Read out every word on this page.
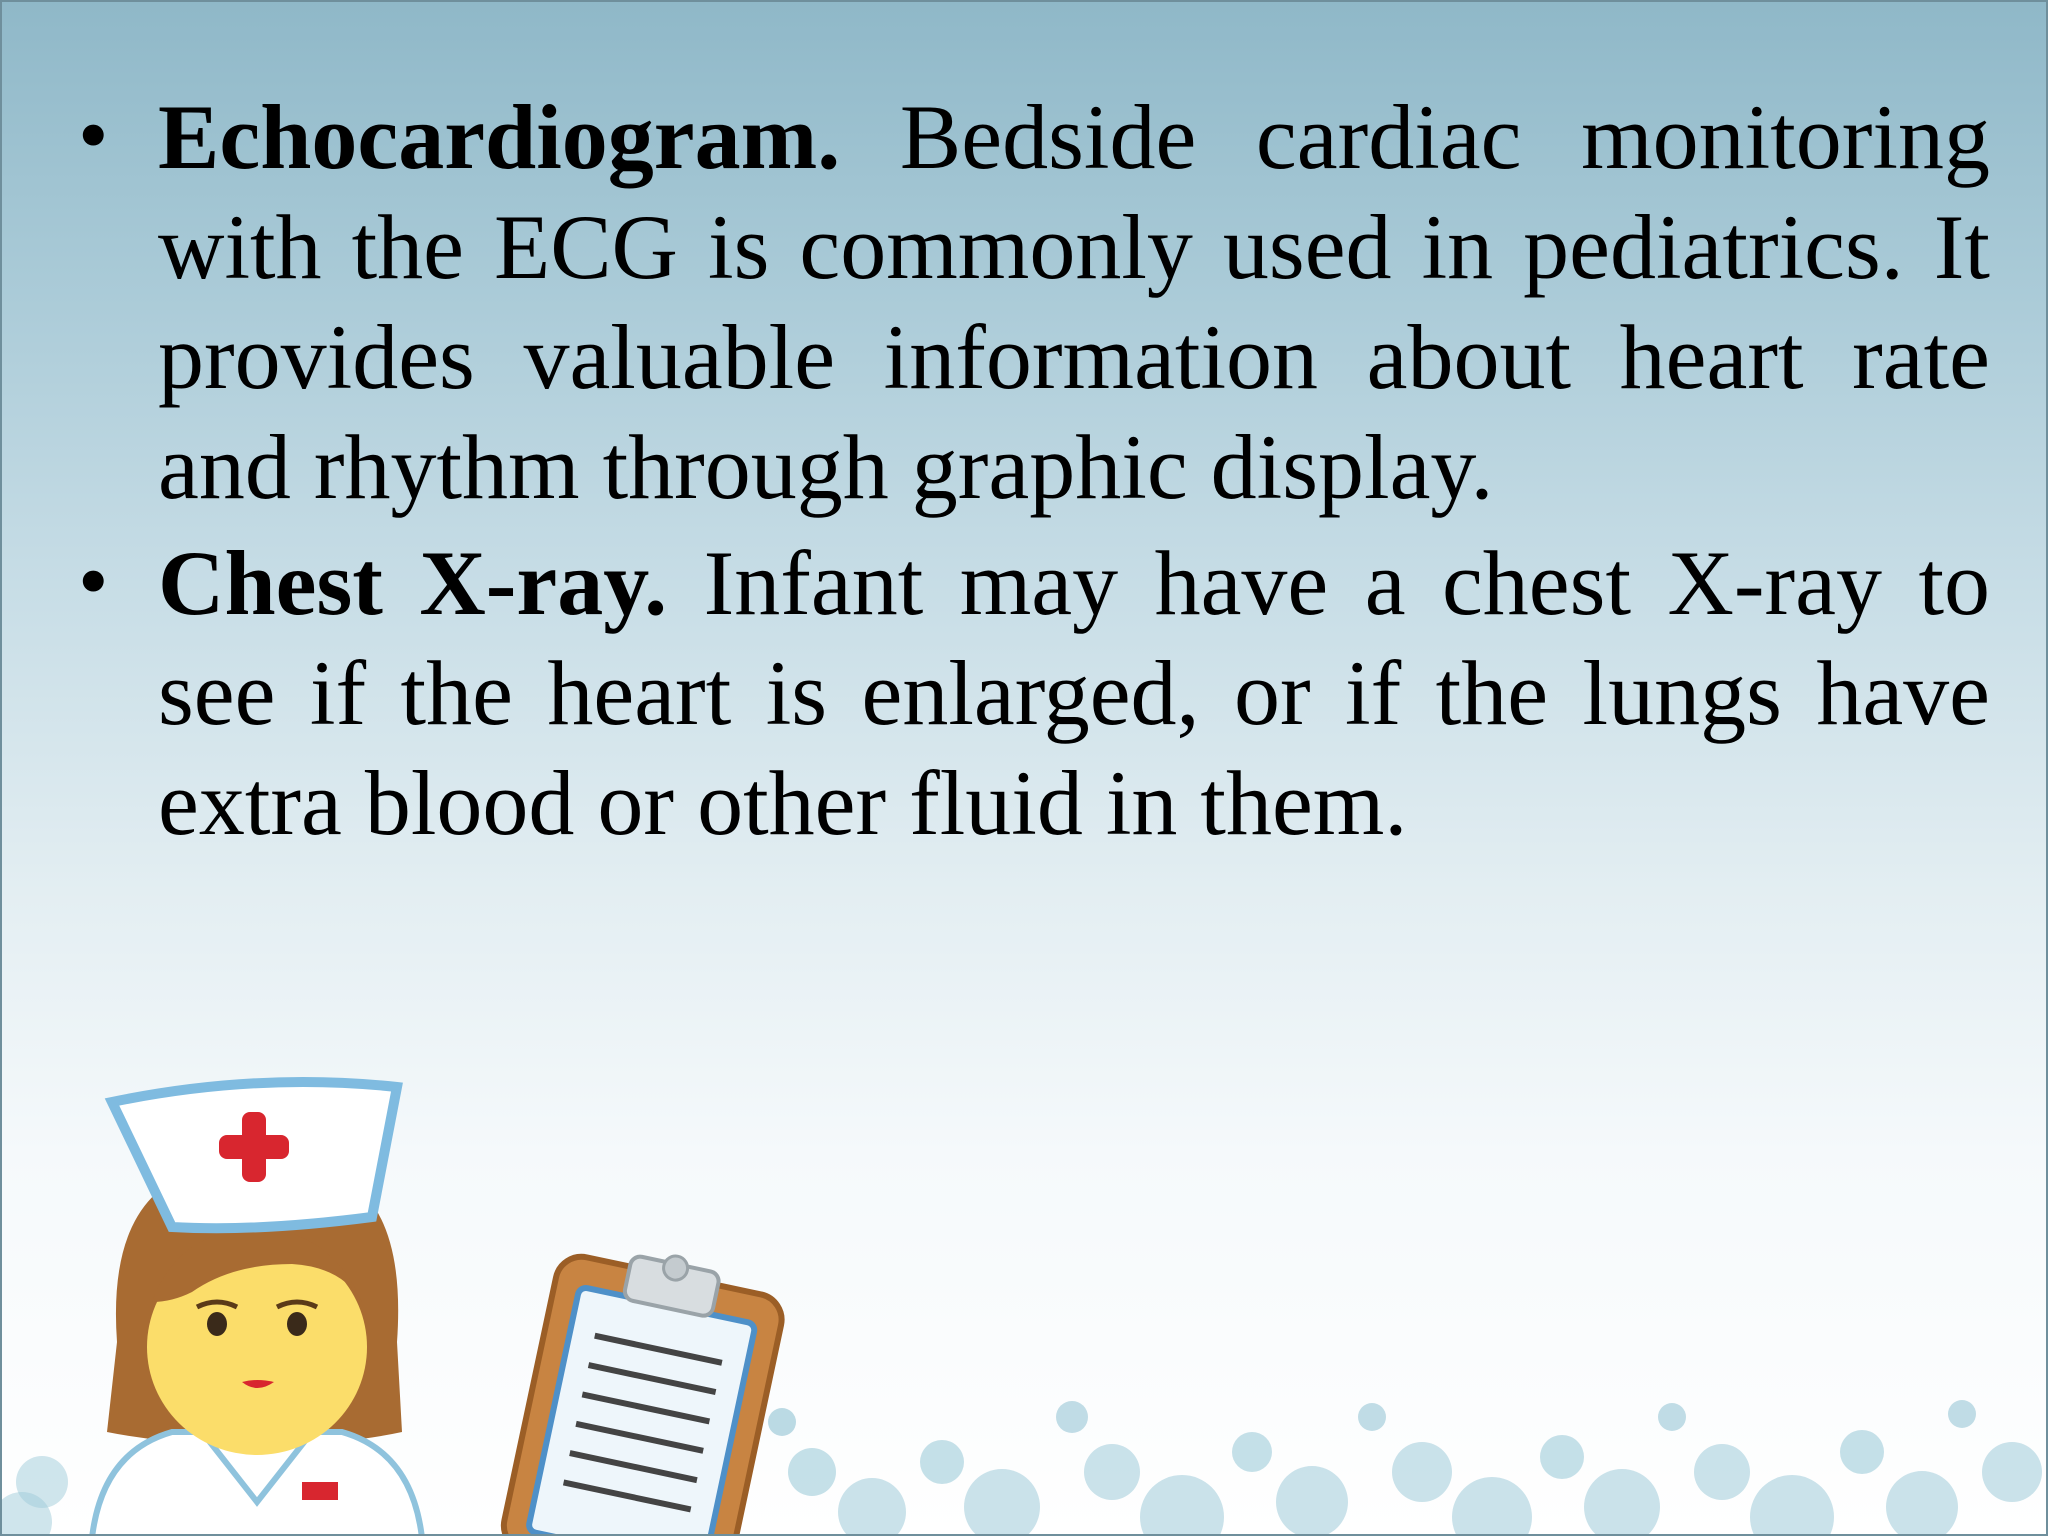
• Echocardiogram. Bedside cardiac monitoring with the ECG is commonly used in pediatrics. It provides valuable information about heart rate and rhythm through graphic display.
• Chest X-ray. Infant may have a chest X-ray to see if the heart is enlarged, or if the lungs have extra blood or other fluid in them.
